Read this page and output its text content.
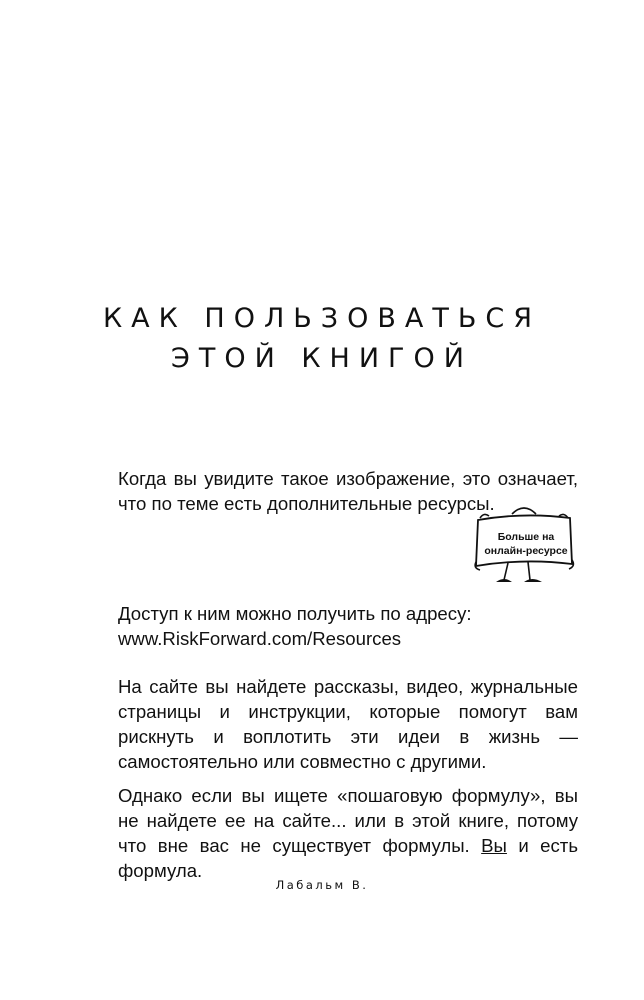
КАК ПОЛЬЗОВАТЬСЯ
ЭТОЙ КНИГОЙ

Когда вы увидите такое изображение, это означает, что по теме есть дополнительные ресурсы.

Больше на
онлайн-ресурсе

Доступ к ним можно получить по адресу:
www.RiskForward.com/Resources

На сайте вы найдете рассказы, видео, журнальные страницы и инструкции, которые помогут вам рискнуть и воплотить эти идеи в жизнь — самостоятельно или совместно с другими.

Однако если вы ищете «пошаговую формулу», вы не найдете ее на сайте... или в этой книге, потому что вне вас не существует формулы. Вы и есть формула.

Лабальм В.
